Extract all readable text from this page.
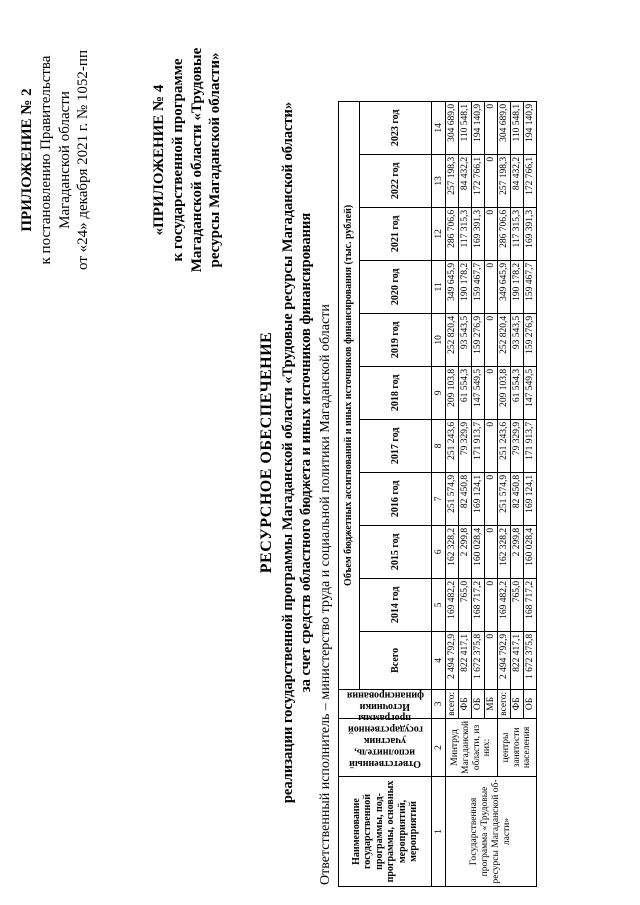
ПРИЛОЖЕНИЕ № 2 к постановлению Правительства Магаданской области от «24» декабря 2021 г. № 1052-пп	«ПРИЛОЖЕНИЕ № 4 к государственной программе Магаданской области «Трудовые ресурсы Магаданской области»
РЕСУРСНОЕ ОБЕСПЕЧЕНИЕ реализации государственной программы Магаданской области «Трудовые ресурсы Магаданской области» за счет средств областного бюджета и иных источников финансирования Ответственный исполнитель – министерство труда и социальной политики Магаданской области Наименование государственной программы, под-программы, основных мероприятий, мероприятий	Ответственный исполнитель, участник государственной программы	Источники финансирования	Объем бюджетных ассигнований и иных источников финансирования (тыс. рублей)										
			Всего	2014 год	2015 год	2016 год	2017 год	2018 год	2019 год	2020 год	2021 год	2022 год	2023 год
1	2	3	4	5	6	7	8	9	10	11	12	13	14
Государственная программа «Трудовые ресурсы Магаданской об-ласти»	Минтруд Магаданской области, из них:	всего:	2 494 792,9	169 482,2	162 328,2	251 574,9	251 243,6	209 103,8	252 820,4	349 645,9	286 706,6	257 198,3	304 689,0
		ФБ	822 417,1	765,0	2 299,8	82 450,8	79 329,9	61 554,3	93 543,5	190 178,2	117 315,3	84 432,2	110 548,1
		ОБ	1 672 375,8	168 717,2	160 028,4	169 124,1	171 913,7	147 549,5	159 276,9	159 467,7	169 391,3	172 766,1	194 140,9
		МБ	0	0	0	0	0	0	0	0	0	0	0
	центры занятости населения	всего:	2 494 792,9	169 482,2	162 328,2	251 574,9	251 243,6	209 103,8	252 820,4	349 645,9	286 706,6	257 198,3	304 689,0
		ФБ	822 417,1	765,0	2 299,8	82 450,8	79 329,9	61 554,3	93 543,5	190 178,2	117 315,3	84 432,2	110 548,1
		ОБ	1 672 375,8	168 717,2	160 028,4	169 124,1	171 913,7	147 549,5	159 276,9	159 467,7	169 391,3	172 766,1	194 140,9
